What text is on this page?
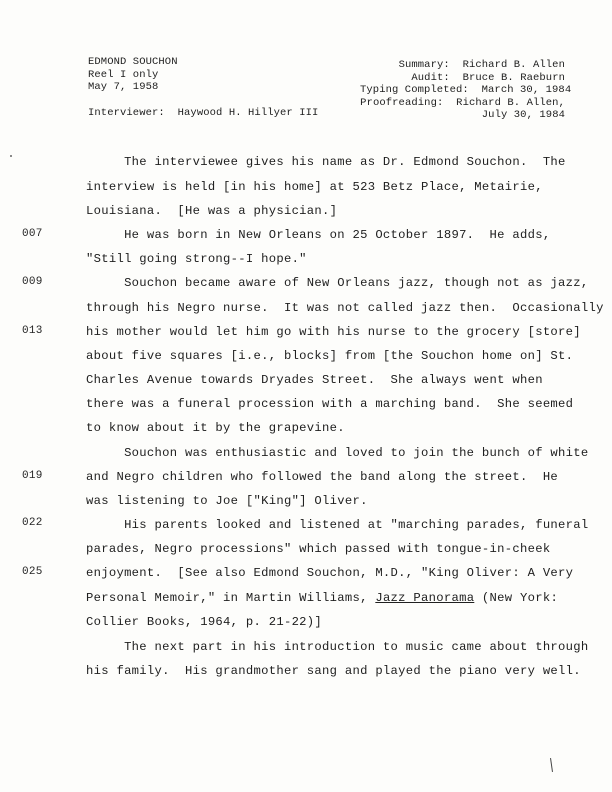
EDMOND SOUCHON
Reel I only
May 7, 1958
Interviewer:  Haywood H. Hillyer III
Summary:  Richard B. Allen
Audit:  Bruce B. Raeburn
Typing Completed:  March 30, 1984
Proofreading:  Richard B. Allen,
July 30, 1984
007
009
013
019
022
025
The interviewee gives his name as Dr. Edmond Souchon.  The
interview is held [in his home] at 523 Betz Place, Metairie,
Louisiana.  [He was a physician.]
He was born in New Orleans on 25 October 1897.  He adds,
"Still going strong--I hope."
Souchon became aware of New Orleans jazz, though not as jazz,
through his Negro nurse.  It was not called jazz then.  Occasionally
his mother would let him go with his nurse to the grocery [store]
about five squares [i.e., blocks] from [the Souchon home on] St.
Charles Avenue towards Dryades Street.  She always went when
there was a funeral procession with a marching band.  She seemed
to know about it by the grapevine.
Souchon was enthusiastic and loved to join the bunch of white
and Negro children who followed the band along the street.  He
was listening to Joe ["King"] Oliver.
His parents looked and listened at "marching parades, funeral
parades, Negro processions" which passed with tongue-in-cheek
enjoyment.  [See also Edmond Souchon, M.D., "King Oliver: A Very
Personal Memoir," in Martin Williams, Jazz Panorama (New York:
Collier Books, 1964, p. 21-22)]
The next part in his introduction to music came about through
his family.  His grandmother sang and played the piano very well.
